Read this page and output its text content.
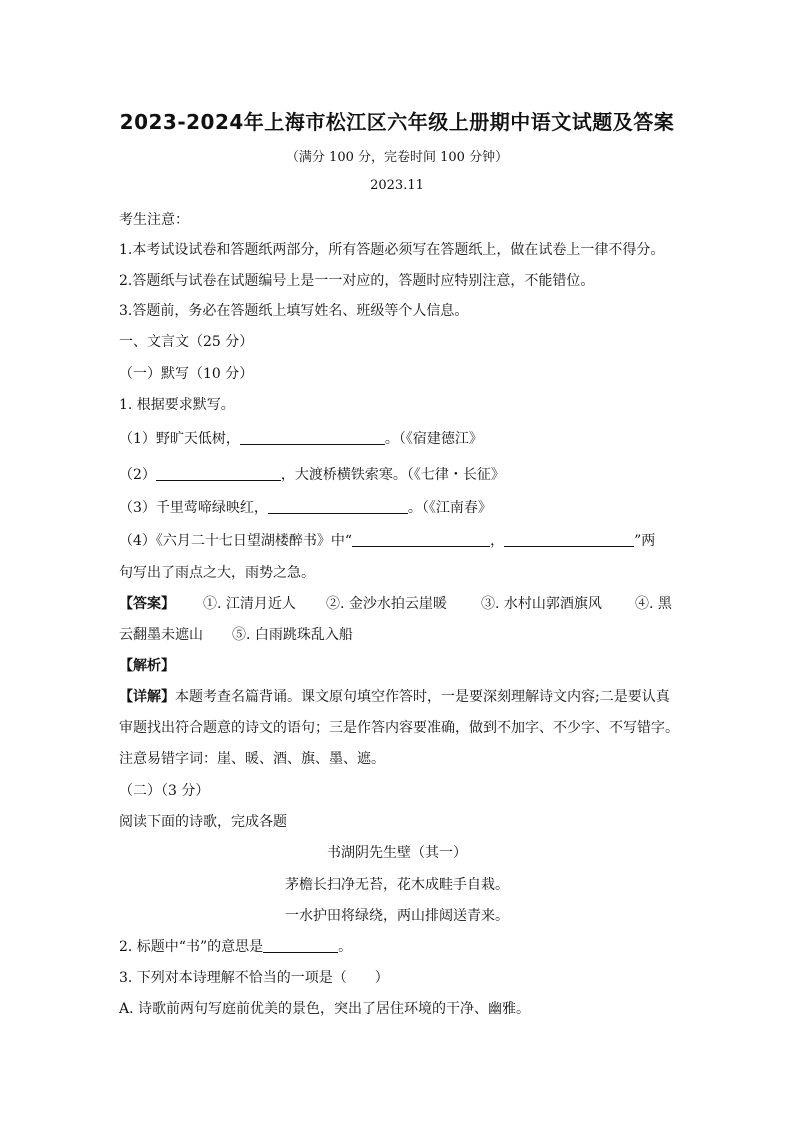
2023-2024年上海市松江区六年级上册期中语文试题及答案
（满分 100 分，完卷时间 100 分钟）
2023.11
考生注意：
1.本考试设试卷和答题纸两部分，所有答题必须写在答题纸上，做在试卷上一律不得分。
2.答题纸与试卷在试题编号上是一一对应的，答题时应特别注意，不能错位。
3.答题前，务必在答题纸上填写姓名、班级等个人信息。
一、文言文（25 分）
（一）默写（10 分）
1. 根据要求默写。
（1）野旷天低树，	。（《宿建德江》
（2）	，大渡桥横铁索寒。（《七律・长征》
（3）千里莺啼绿映红，	。（《江南春》
（4）《六月二十七日望湖楼醉书》中“	，	”两
句写出了雨点之大，雨势之急。
【答案】 ①. 江清月近人 ②. 金沙水拍云崖暖 ③. 水村山郭酒旗风 ④. 黑
云翻墨未遮山 ⑤. 白雨跳珠乱入船
【解析】
【详解】本题考查名篇背诵。课文原句填空作答时，一是要深刻理解诗文内容;二是要认真
审题找出符合题意的诗文的语句；三是作答内容要准确，做到不加字、不少字、不写错字。
注意易错字词：崖、暖、酒、旗、墨、遮。
（二）（3 分）
阅读下面的诗歌，完成各题
书湖阴先生壁（其一）
茅檐长扫净无苔，花木成畦手自栽。
一水护田将绿绕，两山排闼送青来。
2. 标题中“书”的意思是	。
3. 下列对本诗理解不恰当的一项是（　　）
A. 诗歌前两句写庭前优美的景色，突出了居住环境的干净、幽雅。
